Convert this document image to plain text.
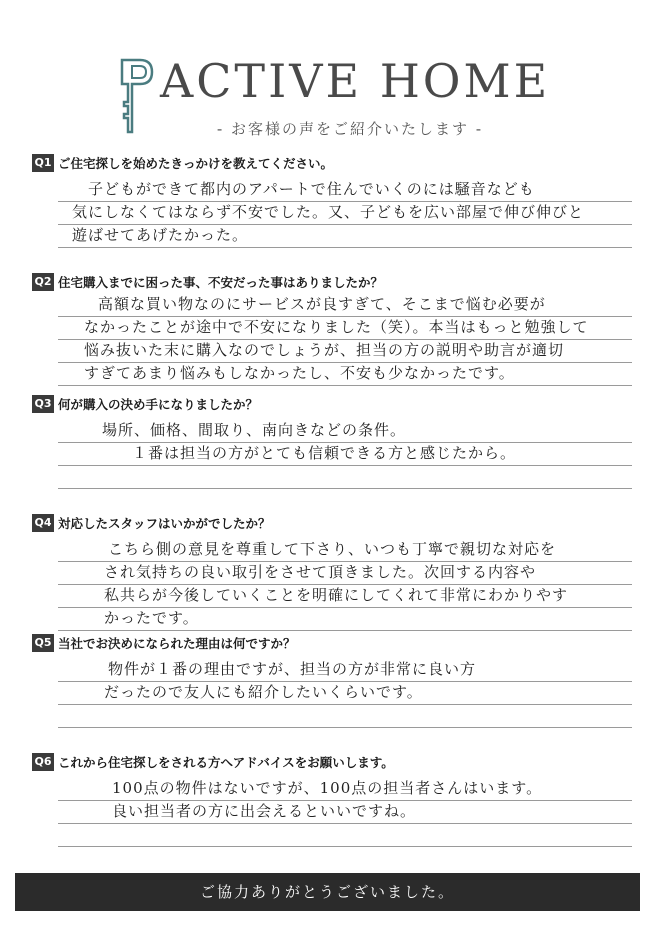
ACTIVE HOME
- お客様の声をご紹介いたします -
Q1 ご住宅探しを始めたきっかけを教えてください。
子どもができて都内のアパートで住んでいくのには騒音なども
気にしなくてはならず不安でした。又、子どもを広い部屋で伸び伸びと
遊ばせてあげたかった。
Q2 住宅購入までに困った事、不安だった事はありましたか？
高額な買い物なのにサービスが良すぎて、そこまで悩む必要が
なかったことが途中で不安になりました（笑）。本当はもっと勉強して
悩み抜いた末に購入なのでしょうが、担当の方の説明や助言が適切
すぎてあまり悩みもしなかったし、不安も少なかったです。
Q3 何が購入の決め手になりましたか？
場所、価格、間取り、南向きなどの条件。
１番は担当の方がとても信頼できる方と感じたから。
Q4 対応したスタッフはいかがでしたか？
こちら側の意見を尊重して下さり、いつも丁寧で親切な対応を
され気持ちの良い取引をさせて頂きました。次回する内容や
私共らが今後していくことを明確にしてくれて非常にわかりやす
かったです。
Q5 当社でお決めになられた理由は何ですか？
物件が１番の理由ですが、担当の方が非常に良い方
だったので友人にも紹介したいくらいです。
Q6 これから住宅探しをされる方へアドバイスをお願いします。
100点の物件はないですが、100点の担当者さんはいます。
良い担当者の方に出会えるといいですね。
ご協力ありがとうございました。
